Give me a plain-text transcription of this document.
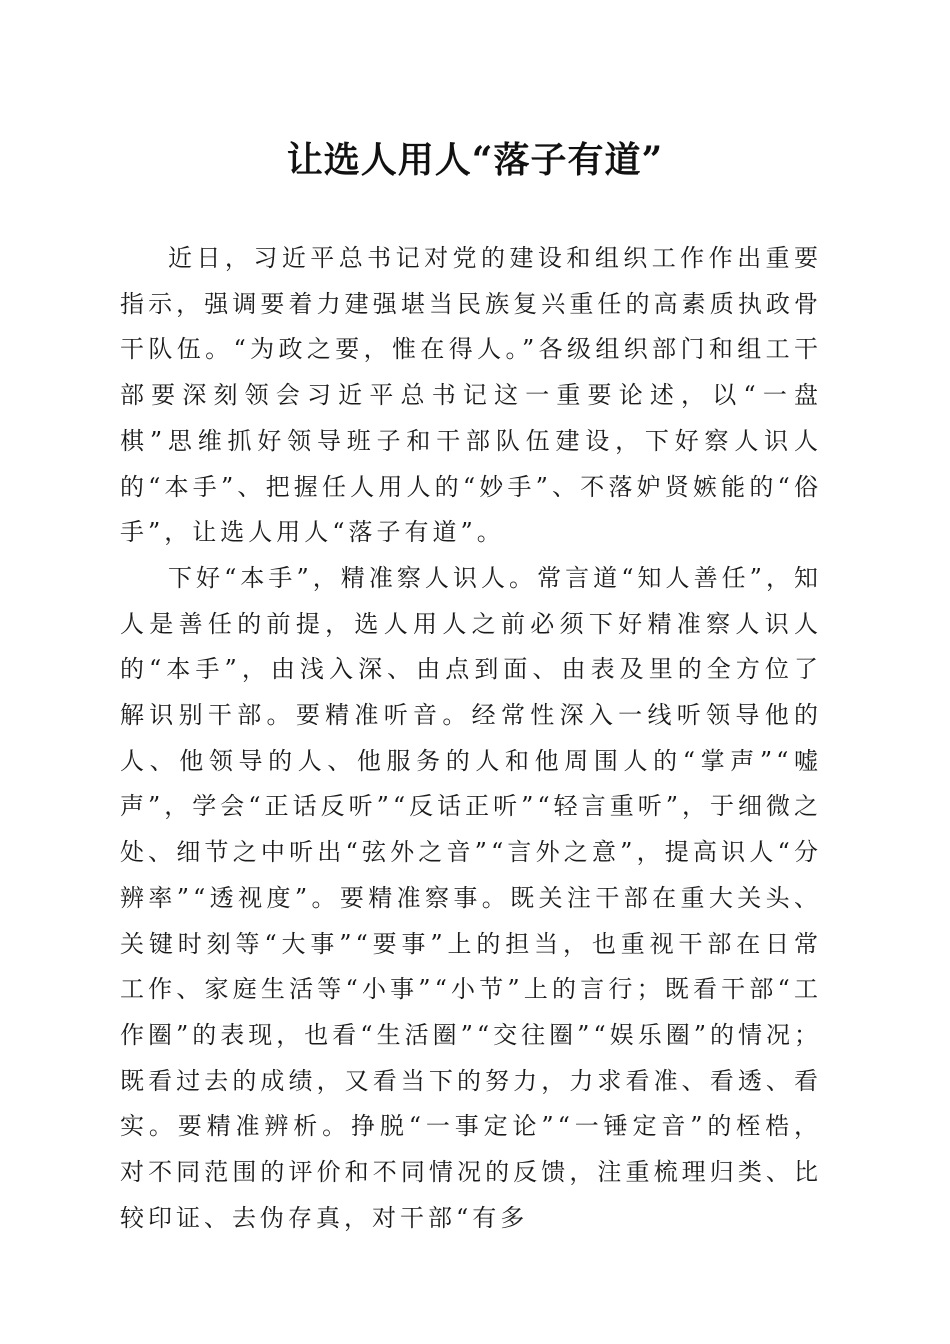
让选人用人“落子有道”

近日，习近平总书记对党的建设和组织工作作出重要指示，强调要着力建强堪当民族复兴重任的高素质执政骨干队伍。“为政之要，惟在得人。”各级组织部门和组工干部要深刻领会习近平总书记这一重要论述，以“一盘棋”思维抓好领导班子和干部队伍建设，下好察人识人的“本手”、把握任人用人的“妙手”、不落妒贤嫉能的“俗手”，让选人用人“落子有道”。

下好“本手”，精准察人识人。常言道“知人善任”，知人是善任的前提，选人用人之前必须下好精准察人识人的“本手”，由浅入深、由点到面、由表及里的全方位了解识别干部。要精准听音。经常性深入一线听领导他的人、他领导的人、他服务的人和他周围人的“掌声”“嘘声”，学会“正话反听”“反话正听”“轻言重听”，于细微之处、细节之中听出“弦外之音”“言外之意”，提高识人“分辨率”“透视度”。要精准察事。既关注干部在重大关头、关键时刻等“大事”“要事”上的担当，也重视干部在日常工作、家庭生活等“小事”“小节”上的言行；既看干部“工作圈”的表现，也看“生活圈”“交往圈”“娱乐圈”的情况；既看过去的成绩，又看当下的努力，力求看准、看透、看实。要精准辨析。挣脱“一事定论”“一锤定音”的桎梏，对不同范围的评价和不同情况的反馈，注重梳理归类、比较印证、去伪存真，对干部“有多
